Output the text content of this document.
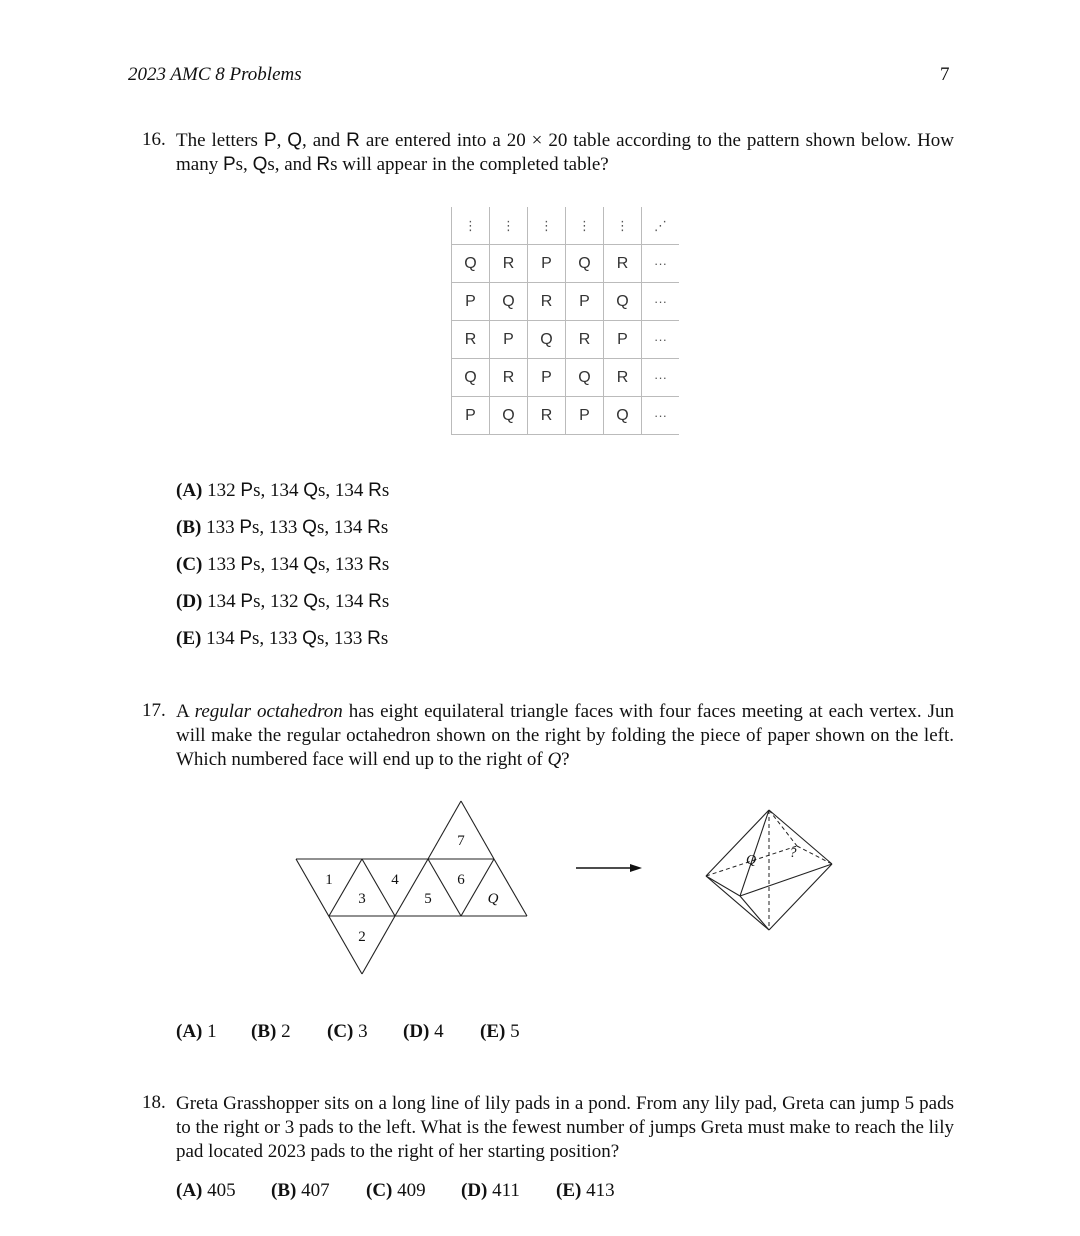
2023 AMC 8 Problems	7
16. The letters P, Q, and R are entered into a 20 × 20 table according to the pattern shown below. How many Ps, Qs, and Rs will appear in the completed table?
⋮	⋮	⋮	⋮	⋮	⋰
Q	R	P	Q	R	···
P	Q	R	P	Q	···
R	P	Q	R	P	···
Q	R	P	Q	R	···
P	Q	R	P	Q	···
(A) 132 Ps, 134 Qs, 134 Rs
(B) 133 Ps, 133 Qs, 134 Rs
(C) 133 Ps, 134 Qs, 133 Rs
(D) 134 Ps, 132 Qs, 134 Rs
(E) 134 Ps, 133 Qs, 133 Rs
17. A regular octahedron has eight equilateral triangle faces with four faces meeting at each vertex. Jun will make the regular octahedron shown on the right by folding the piece of paper shown on the left. Which numbered face will end up to the right of Q?
1
3
2
4
5
7
6
Q
Q ?
(A) 1 (B) 2 (C) 3 (D) 4 (E) 5
18. Greta Grasshopper sits on a long line of lily pads in a pond. From any lily pad, Greta can jump 5 pads to the right or 3 pads to the left. What is the fewest number of jumps Greta must make to reach the lily pad located 2023 pads to the right of her starting position?
(A) 405 (B) 407 (C) 409 (D) 411 (E) 413
